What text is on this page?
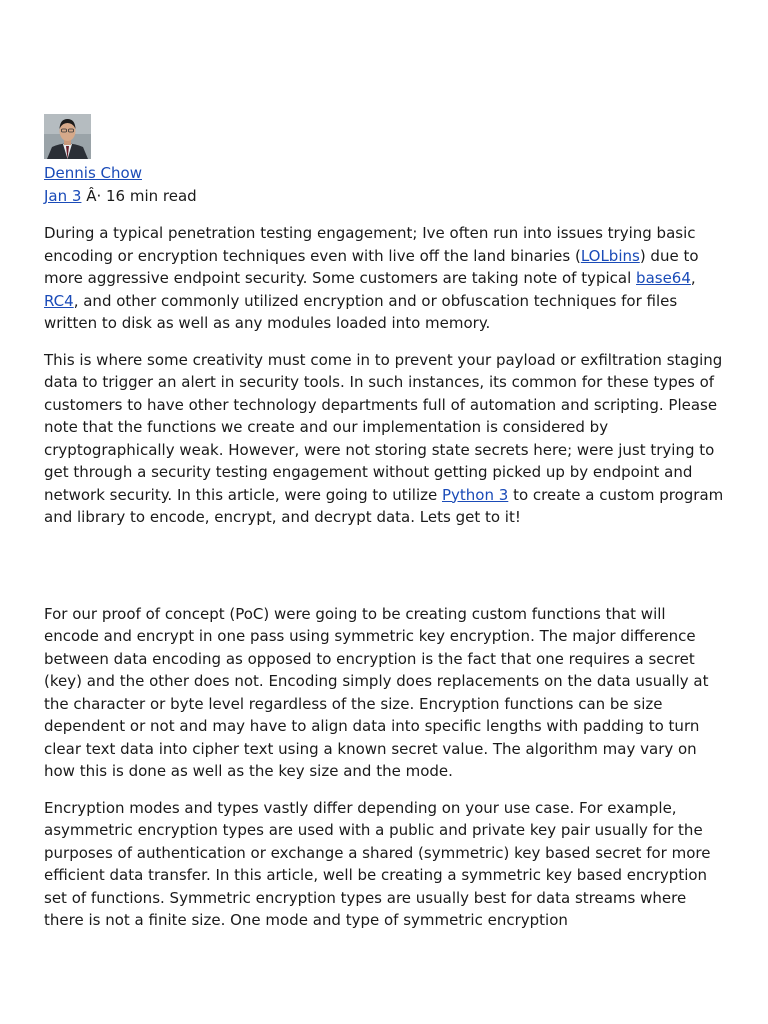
Dennis Chow
Jan 3 Â· 16 min read

During a typical penetration testing engagement; Ive often run into issues trying basic encoding or encryption techniques even with live off the land binaries (LOLbins) due to more aggressive endpoint security. Some customers are taking note of typical base64, RC4, and other commonly utilized encryption and or obfuscation techniques for files written to disk as well as any modules loaded into memory.

This is where some creativity must come in to prevent your payload or exfiltration staging data to trigger an alert in security tools. In such instances, its common for these types of customers to have other technology departments full of automation and scripting. Please note that the functions we create and our implementation is considered by cryptographically weak. However, were not storing state secrets here; were just trying to get through a security testing engagement without getting picked up by endpoint and network security. In this article, were going to utilize Python 3 to create a custom program and library to encode, encrypt, and decrypt data. Lets get to it!

For our proof of concept (PoC) were going to be creating custom functions that will encode and encrypt in one pass using symmetric key encryption. The major difference between data encoding as opposed to encryption is the fact that one requires a secret (key) and the other does not. Encoding simply does replacements on the data usually at the character or byte level regardless of the size. Encryption functions can be size dependent or not and may have to align data into specific lengths with padding to turn clear text data into cipher text using a known secret value. The algorithm may vary on how this is done as well as the key size and the mode.

Encryption modes and types vastly differ depending on your use case. For example, asymmetric encryption types are used with a public and private key pair usually for the purposes of authentication or exchange a shared (symmetric) key based secret for more efficient data transfer. In this article, well be creating a symmetric key based encryption set of functions. Symmetric encryption types are usually best for data streams where there is not a finite size. One mode and type of symmetric encryption
